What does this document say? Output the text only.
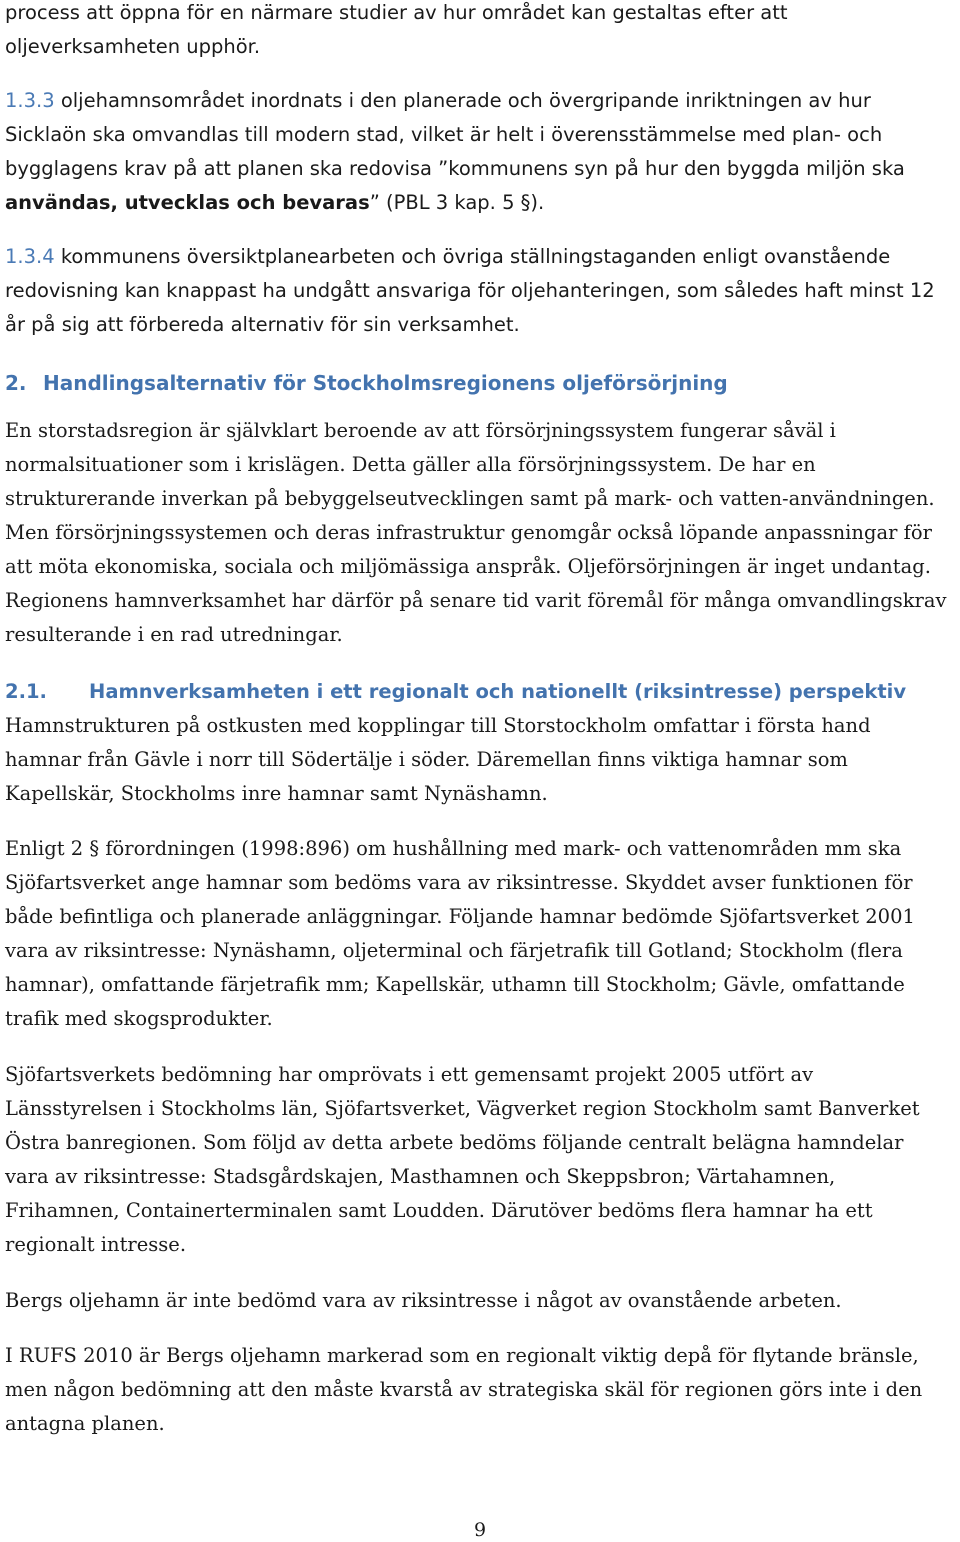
process att öppna för en närmare studier av hur området kan gestaltas efter att oljeverksamheten upphör.

1.3.3 oljehamnsområdet inordnats i den planerade och övergripande inriktningen av hur Sicklaön ska omvandlas till modern stad, vilket är helt i överensstämmelse med plan- och bygglagens krav på att planen ska redovisa ”kommunens syn på hur den byggda miljön ska användas, utvecklas och bevaras” (PBL 3 kap. 5 §).

1.3.4 kommunens översiktplanearbeten och övriga ställningstaganden enligt ovanstående redovisning kan knappast ha undgått ansvariga för oljehanteringen, som således haft minst 12 år på sig att förbereda alternativ för sin verksamhet.

2. Handlingsalternativ för Stockholmsregionens oljeförsörjning

En storstadsregion är självklart beroende av att försörjningssystem fungerar såväl i normalsituationer som i krislägen. Detta gäller alla försörjningssystem. De har en strukturerande inverkan på bebyggelseutvecklingen samt på mark- och vatten-användningen. Men försörjningssystemen och deras infrastruktur genomgår också löpande anpassningar för att möta ekonomiska, sociala och miljömässiga anspråk. Oljeförsörjningen är inget undantag. Regionens hamnverksamhet har därför på senare tid varit föremål för många omvandlingskrav resulterande i en rad utredningar.

2.1. Hamnverksamheten i ett regionalt och nationellt (riksintresse) perspektiv

Hamnstrukturen på ostkusten med kopplingar till Storstockholm omfattar i första hand hamnar från Gävle i norr till Södertälje i söder. Däremellan finns viktiga hamnar som Kapellskär, Stockholms inre hamnar samt Nynäshamn.

Enligt 2 § förordningen (1998:896) om hushållning med mark- och vattenområden mm ska Sjöfartsverket ange hamnar som bedöms vara av riksintresse. Skyddet avser funktionen för både befintliga och planerade anläggningar. Följande hamnar bedömde Sjöfartsverket 2001 vara av riksintresse: Nynäshamn, oljeterminal och färjetrafik till Gotland; Stockholm (flera hamnar), omfattande färjetrafik mm; Kapellskär, uthamn till Stockholm; Gävle, omfattande trafik med skogsprodukter.

Sjöfartsverkets bedömning har omprövats i ett gemensamt projekt 2005 utfört av Länsstyrelsen i Stockholms län, Sjöfartsverket, Vägverket region Stockholm samt Banverket Östra banregionen. Som följd av detta arbete bedöms följande centralt belägna hamndelar vara av riksintresse: Stadsgårdskajen, Masthamnen och Skeppsbron; Värtahamnen, Frihamnen, Containerterminalen samt Loudden. Därutöver bedöms flera hamnar ha ett regionalt intresse.

Bergs oljehamn är inte bedömd vara av riksintresse i något av ovanstående arbeten.

I RUFS 2010 är Bergs oljehamn markerad som en regionalt viktig depå för flytande bränsle, men någon bedömning att den måste kvarstå av strategiska skäl för regionen görs inte i den antagna planen.

9
